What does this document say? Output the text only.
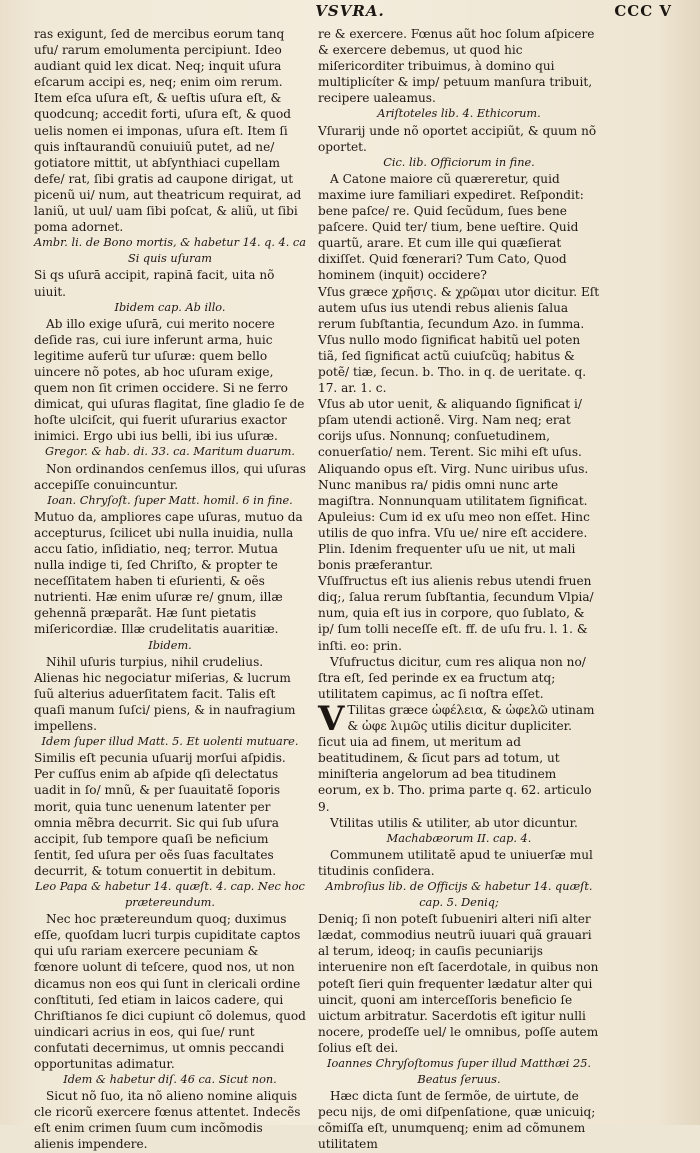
VSVRA.	CCC V

ras exigunt, ſed de mercibus eorum tanq ufu/ rarum emolumenta percipiunt. Ideo audiant quid lex dicat. Neq; inquit uſura eſcarum accipi es, neq; enim oim rerum. Item eſca uſura eſt, & ueſtis uſura eſt, & quodcunq; accedit forti, uſura eſt, & quod uelis nomen ei imponas, uſura eſt. Item ſi quis inſtaurandũ conuiuiũ putet, ad ne/ gotiatore mittit, ut abſynthiaci cupellam defe/ rat, ſibi gratis ad caupone dirigat, ut picenũ ui/ num, aut theatricum requirat, ad laniũ, ut uul/ uam ſibi poſcat, & aliũ, ut ſibi poma adornet.

Ambr. li. de Bono mortis, & habetur 14. q. 4. ca Si quis uſuram

Si qs uſurā accipit, rapinā facit, uita nõ uiuit.

Ibidem cap. Ab illo.

Ab illo exige uſurā, cui merito nocere deſide ras, cui iure inferunt arma, huic legitime auferũ tur uſuræ: quem bello uincere nõ potes, ab hoc uſuram exige, quem non ſit crimen occidere. Si ne ferro dimicat, qui uſuras flagitat, ſine gladio ſe de hoſte ulciſcit, qui fuerit uſurarius exactor inimici. Ergo ubi ius belli, ibi ius uſuræ.

Gregor. & hab. di. 33. ca. Maritum duarum.

Non ordinandos cenſemus illos, qui uſuras accepiſſe conuincuntur.

Ioan. Chryſoſt. ſuper Matt. homil. 6 in fine.

Mutuo da, ampliores cape uſuras, mutuo da accepturus, ſcilicet ubi nulla inuidia, nulla accu ſatio, inſidiatio, neq; terror. Mutua nulla indige ti, ſed Chriſto, & propter te neceſſitatem haben ti eſurienti, & oẽs nutrienti. Hæ enim uſuræ re/ gnum, illæ gehennã præparãt. Hæ ſunt pietatis miſericordiæ. Illæ crudelitatis auaritiæ.

Ibidem.

Nihil uſuris turpius, nihil crudelius. Alienas hic negociatur miſerias, & lucrum ſuũ alterius aduerſitatem facit. Talis eſt quaſi manum ſuſci/ piens, & in naufragium impellens.

Idem ſuper illud Matt. 5. Et uolenti mutuare.

Similis eſt pecunia uſuarij morſui aſpidis. Per cuſſus enim ab aſpide qſi delectatus uadit in ſo/ mnũ, & per ſuauitatẽ ſoporis morit, quia tunc uenenum latenter per omnia mẽbra decurrit. Sic qui ſub uſura accipit, ſub tempore quaſi be neficium ſentit, ſed uſura per oẽs ſuas facultates decurrit, & totum conuertit in debitum.

Leo Papa & habetur 14. quæſt. 4. cap. Nec hoc prætereundum.

Nec hoc prætereundum quoq; duximus eſſe, quoſdam lucri turpis cupiditate captos qui uſu rariam exercere pecuniam & fœnore uolunt di teſcere, quod nos, ut non dicamus non eos qui ſunt in clericali ordine conſtituti, ſed etiam in laicos cadere, qui Chriſtianos ſe dici cupiunt cõ dolemus, quod uindicari acrius in eos, qui ſue/ runt confutati decernimus, ut omnis peccandi opportunitas adimatur.

Idem & habetur diſ. 46 ca. Sicut non.

Sicut nõ ſuo, ita nõ alieno nomine aliquis cle ricorũ exercere fœnus attentet. Indecẽs eſt enim crimen ſuum cum incõmodis alienis impendere.

re & exercere. Fœnus aũt hoc ſolum aſpicere & exercere debemus, ut quod hic miſericorditer tribuimus, à domino qui multiplicíter & imp/ petuum manſura tribuit, recipere ualeamus.

Ariſtoteles lib. 4. Ethicorum.

Vſurarij unde nõ oportet accipiũt, & quum nõ oportet.

Cic. lib. Officiorum in fine.

A Catone maiore cũ quæreretur, quid maxime iure familiari expediret. Reſpondit: bene paſce/ re. Quid ſecũdum, ſues bene paſcere. Quid ter/ tium, bene ueſtire. Quid quartũ, arare. Et cum ille qui quæſierat dixiſſet. Quid fœnerari? Tum Cato, Quod hominem (inquit) occidere?

Vſus græce χρῆσις. & χρῶμαι utor dicitur. Eſt autem uſus ius utendi rebus alienis ſalua rerum ſubſtantia, ſecundum Azo. in ſumma.

Vſus nullo modo ſignificat habitũ uel poten tiã, ſed ſignificat actũ cuiuſcũq; habitus & potẽ/ tiæ, ſecun. b. Tho. in q. de ueritate. q. 17. ar. 1. c.

Vſus ab utor uenit, & aliquando ſignificat i/ pſam utendi actionẽ. Virg. Nam neq; erat corijs uſus. Nonnunq; conſuetudinem, conuerſatio/ nem. Terent. Sic mihi eſt uſus. Aliquando opus eſt. Virg. Nunc uiribus uſus. Nunc manibus ra/ pidis omni nunc arte magiſtra. Nonnunquam utilitatem ſignificat. Apuleius: Cum id ex uſu meo non eſſet. Hinc utilis de quo infra. Vſu ue/ nire eſt accidere. Plin. Idenim frequenter uſu ue nit, ut mali bonis præferantur.

Vſuſfructus eſt ius alienis rebus utendi fruen diq;, ſalua rerum ſubſtantia, ſecundum Vlpia/ num, quia eſt ius in corpore, quo ſublato, & ip/ ſum tolli neceſſe eſt. ff. de uſu fru. l. 1. & inſti. eo: prin.

Vſufructus dicitur, cum res aliqua non no/ ſtra eſt, ſed perinde ex ea fructum atq; utilitatem capimus, ac ſi noſtra eſſet.

V Tilitas græce ὠφέλεια, & ὠφελῶ utinam & ὠφε λιμῶς utilis dicitur dupliciter. ſicut uia ad finem, ut meritum ad beatitudinem, & ſicut pars ad totum, ut miniſteria angelorum ad bea titudinem eorum, ex b. Tho. prima parte q. 62. articulo 9.

Vtilitas utilis & utiliter, ab utor dicuntur.

Machabæorum II. cap. 4.

Communem utilitatẽ apud te uniuerſæ mul titudinis conſidera.

Ambroſius lib. de Officijs & habetur 14. quæſt. cap. 5. Deniq;

Deniq; ſi non poteſt ſubueniri alteri niſi alter lædat, commodius neutrũ iuuari quã grauari al terum, ideoq; in cauſis pecuniarijs interuenire non eſt ſacerdotale, in quibus non poteſt ſieri quin frequenter lædatur alter qui uincit, quoni am interceſſoris beneficio ſe uictum arbitratur. Sacerdotis eſt igitur nulli nocere, prodeſſe uel/ le omnibus, poſſe autem ſolius eſt dei.

Ioannes Chryſoſtomus ſuper illud Matthæi 25. Beatus ſeruus.

Hæc dicta ſunt de ſermõe, de uirtute, de pecu nijs, de omi diſpenſatione, quæ unicuiq; cõmiſſa eſt, unumquenq; enim ad cõmunem utilitatem
